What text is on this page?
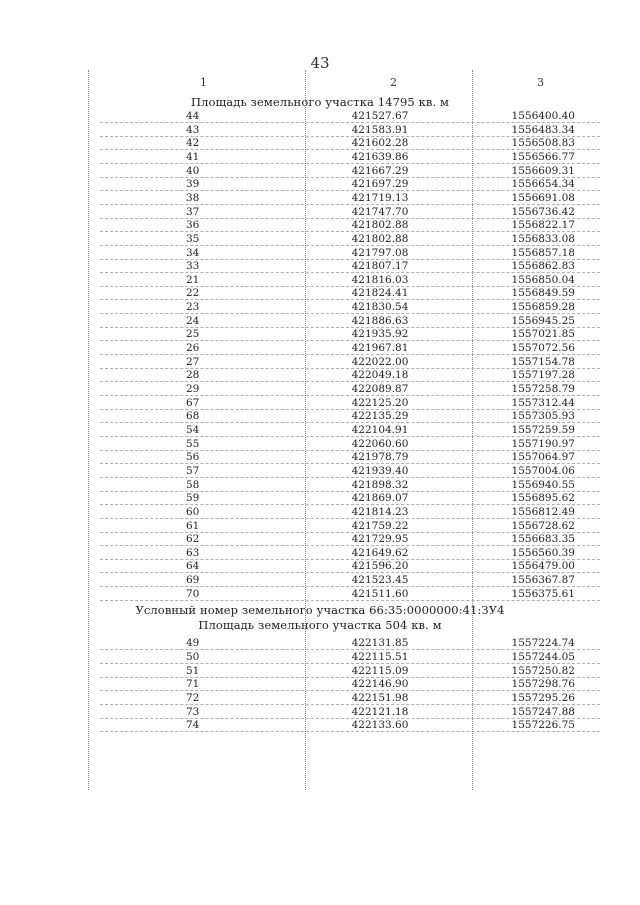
43
1	2	3
Площадь земельного участка 14795 кв. м
44	421527.67	1556400.40
43	421583.91	1556483.34
42	421602.28	1556508.83
41	421639.86	1556566.77
40	421667.29	1556609.31
39	421697.29	1556654.34
38	421719.13	1556691.08
37	421747.70	1556736.42
36	421802.88	1556822.17
35	421802.88	1556833.08
34	421797.08	1556857.18
33	421807.17	1556862.83
21	421816.03	1556850.04
22	421824.41	1556849.59
23	421830.54	1556859.28
24	421886.63	1556945.25
25	421935.92	1557021.85
26	421967.81	1557072.56
27	422022.00	1557154.78
28	422049.18	1557197.28
29	422089.87	1557258.79
67	422125.20	1557312.44
68	422135.29	1557305.93
54	422104.91	1557259.59
55	422060.60	1557190.97
56	421978.79	1557064.97
57	421939.40	1557004.06
58	421898.32	1556940.55
59	421869.07	1556895.62
60	421814.23	1556812.49
61	421759.22	1556728.62
62	421729.95	1556683.35
63	421649.62	1556560.39
64	421596.20	1556479.00
69	421523.45	1556367.87
70	421511.60	1556375.61
Условный номер земельного участка 66:35:0000000:41:ЗУ4
Площадь земельного участка 504 кв. м
49	422131.85	1557224.74
50	422115.51	1557244.05
51	422115.09	1557250.82
71	422146.90	1557298.76
72	422151.98	1557295.26
73	422121.18	1557247.88
74	422133.60	1557226.75
